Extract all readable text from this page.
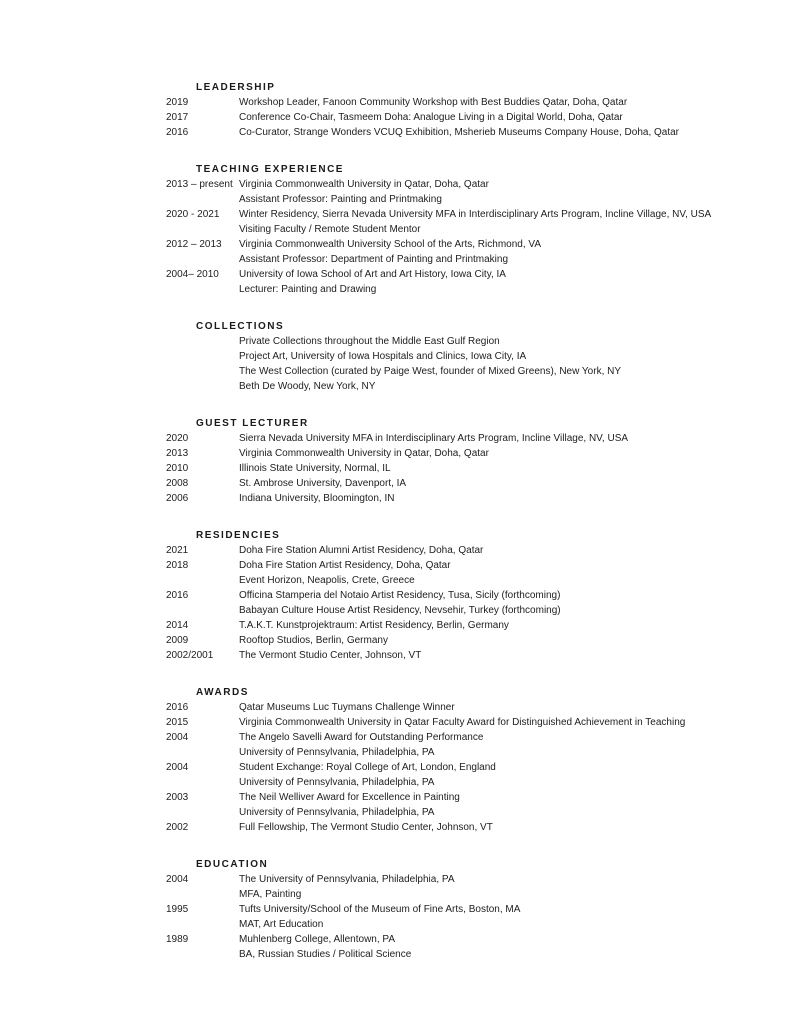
LEADERSHIP
2019	Workshop Leader, Fanoon Community Workshop with Best Buddies Qatar, Doha, Qatar
2017	Conference Co-Chair, Tasmeem Doha: Analogue Living in a Digital World, Doha, Qatar
2016	Co-Curator, Strange Wonders VCUQ Exhibition, Msherieb Museums Company House, Doha, Qatar
TEACHING EXPERIENCE
2013 – present Virginia Commonwealth University in Qatar, Doha, Qatar
Assistant Professor: Painting and Printmaking
2020 - 2021	Winter Residency, Sierra Nevada University MFA in Interdisciplinary Arts Program, Incline Village, NV, USA
Visiting Faculty / Remote Student Mentor
2012 – 2013	Virginia Commonwealth University School of the Arts, Richmond, VA
Assistant Professor: Department of Painting and Printmaking
2004– 2010	University of Iowa School of Art and Art History, Iowa City, IA
Lecturer: Painting and Drawing
COLLECTIONS
Private Collections throughout the Middle East Gulf Region
Project Art, University of Iowa Hospitals and Clinics, Iowa City, IA
The West Collection (curated by Paige West, founder of Mixed Greens), New York, NY
Beth De Woody, New York, NY
GUEST LECTURER
2020	Sierra Nevada University MFA in Interdisciplinary Arts Program, Incline Village, NV, USA
2013	Virginia Commonwealth University in Qatar, Doha, Qatar
2010	Illinois State University, Normal, IL
2008	St. Ambrose University, Davenport, IA
2006	Indiana University, Bloomington, IN
RESIDENCIES
2021	Doha Fire Station Alumni Artist Residency, Doha, Qatar
2018	Doha Fire Station Artist Residency, Doha, Qatar
Event Horizon, Neapolis, Crete, Greece
2016	Officina Stamperia del Notaio Artist Residency, Tusa, Sicily (forthcoming)
Babayan Culture House Artist Residency, Nevsehir, Turkey (forthcoming)
2014	T.A.K.T. Kunstprojektraum: Artist Residency, Berlin, Germany
2009	Rooftop Studios, Berlin, Germany
2002/2001	The Vermont Studio Center, Johnson, VT
AWARDS
2016	Qatar Museums Luc Tuymans Challenge Winner
2015	Virginia Commonwealth University in Qatar Faculty Award for Distinguished Achievement in Teaching
2004	The Angelo Savelli Award for Outstanding Performance
University of Pennsylvania, Philadelphia, PA
2004	Student Exchange: Royal College of Art, London, England
University of Pennsylvania, Philadelphia, PA
2003	The Neil Welliver Award for Excellence in Painting
University of Pennsylvania, Philadelphia, PA
2002	Full Fellowship, The Vermont Studio Center, Johnson, VT
EDUCATION
2004	The University of Pennsylvania, Philadelphia, PA
MFA, Painting
1995	Tufts University/School of the Museum of Fine Arts, Boston, MA
MAT, Art Education
1989	Muhlenberg College, Allentown, PA
BA, Russian Studies / Political Science
